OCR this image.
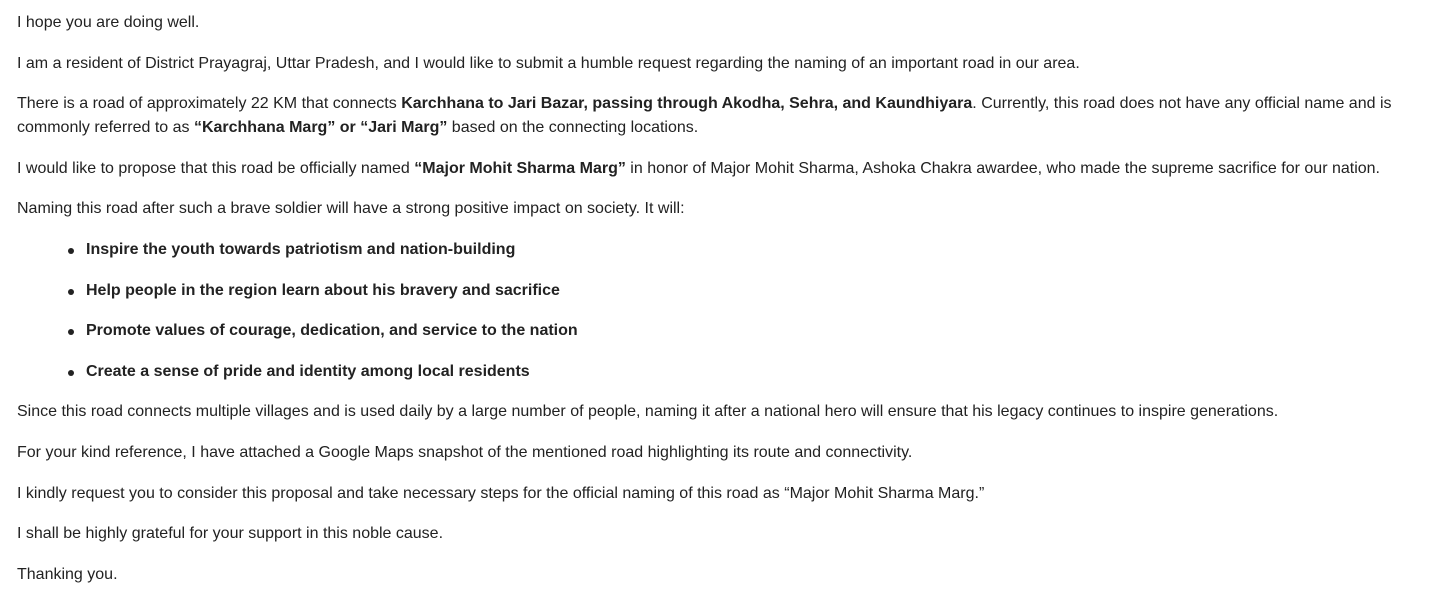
I hope you are doing well.

I am a resident of District Prayagraj, Uttar Pradesh, and I would like to submit a humble request regarding the naming of an important road in our area.

There is a road of approximately 22 KM that connects Karchhana to Jari Bazar, passing through Akodha, Sehra, and Kaundhiyara. Currently, this road does not have any official name and is commonly referred to as “Karchhana Marg” or “Jari Marg” based on the connecting locations.

I would like to propose that this road be officially named “Major Mohit Sharma Marg” in honor of Major Mohit Sharma, Ashoka Chakra awardee, who made the supreme sacrifice for our nation.

Naming this road after such a brave soldier will have a strong positive impact on society. It will:

Inspire the youth towards patriotism and nation-building
Help people in the region learn about his bravery and sacrifice
Promote values of courage, dedication, and service to the nation
Create a sense of pride and identity among local residents

Since this road connects multiple villages and is used daily by a large number of people, naming it after a national hero will ensure that his legacy continues to inspire generations.

For your kind reference, I have attached a Google Maps snapshot of the mentioned road highlighting its route and connectivity.

I kindly request you to consider this proposal and take necessary steps for the official naming of this road as “Major Mohit Sharma Marg.”

I shall be highly grateful for your support in this noble cause.

Thanking you.
